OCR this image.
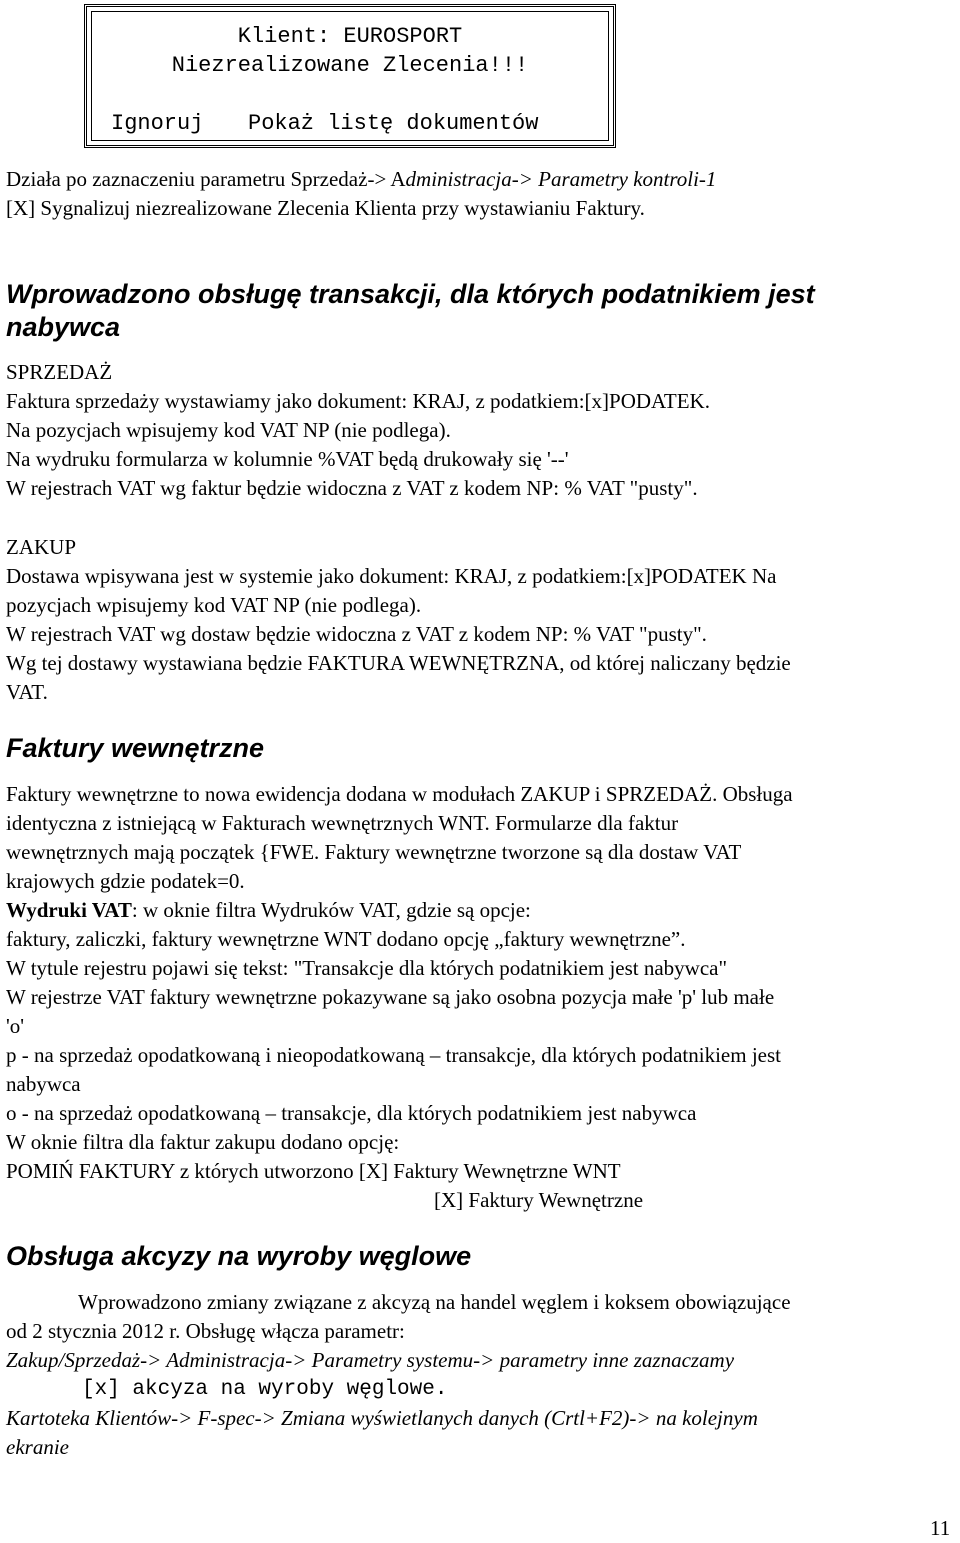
Klient: EUROSPORT
Niezrealizowane Zlecenia!!!
Ignoruj Pokaż listę dokumentów
Działa po zaznaczeniu parametru Sprzedaż-> Administracja-> Parametry kontroli-1
[X] Sygnalizuj niezrealizowane Zlecenia Klienta przy wystawianiu Faktury.
Wprowadzono obsługę transakcji, dla których podatnikiem jest
nabywca
SPRZEDAŻ
Faktura sprzedaży wystawiamy jako dokument: KRAJ, z podatkiem:[x]PODATEK.
Na pozycjach wpisujemy kod VAT NP (nie podlega).
Na wydruku formularza w kolumnie %VAT będą drukowały się '--'
W rejestrach VAT wg faktur będzie widoczna z VAT z kodem NP: % VAT "pusty".
ZAKUP
Dostawa wpisywana jest w systemie jako dokument: KRAJ, z podatkiem:[x]PODATEK Na
pozycjach wpisujemy kod VAT NP (nie podlega).
W rejestrach VAT wg dostaw będzie widoczna z VAT z kodem NP: % VAT "pusty".
Wg tej dostawy wystawiana będzie FAKTURA WEWNĘTRZNA, od której naliczany będzie
VAT.
Faktury wewnętrzne
Faktury wewnętrzne to nowa ewidencja dodana w modułach ZAKUP i SPRZEDAŻ. Obsługa
identyczna z istniejącą w Fakturach wewnętrznych WNT. Formularze dla faktur
wewnętrznych mają początek {FWE. Faktury wewnętrzne tworzone są dla dostaw VAT
krajowych gdzie podatek=0.
Wydruki VAT: w oknie filtra Wydruków VAT, gdzie są opcje:
faktury, zaliczki, faktury wewnętrzne WNT dodano opcję „faktury wewnętrzne”.
W tytule rejestru pojawi się tekst: "Transakcje dla których podatnikiem jest nabywca"
W rejestrze VAT faktury wewnętrzne pokazywane są jako osobna pozycja małe 'p' lub małe
'o'
p - na sprzedaż opodatkowaną i nieopodatkowaną – transakcje, dla których podatnikiem jest
nabywca
o - na sprzedaż opodatkowaną – transakcje, dla których podatnikiem jest nabywca
W oknie filtra dla faktur zakupu dodano opcję:
POMIŃ FAKTURY z których utworzono [X] Faktury Wewnętrzne WNT
[X] Faktury Wewnętrzne
Obsługa akcyzy na wyroby węglowe
Wprowadzono zmiany związane z akcyzą na handel węglem i koksem obowiązujące
od 2 stycznia 2012 r. Obsługę włącza parametr:
Zakup/Sprzedaż-> Administracja-> Parametry systemu-> parametry inne zaznaczamy
[x] akcyza na wyroby węglowe.
Kartoteka Klientów-> F-spec-> Zmiana wyświetlanych danych (Crtl+F2)-> na kolejnym
ekranie
11
